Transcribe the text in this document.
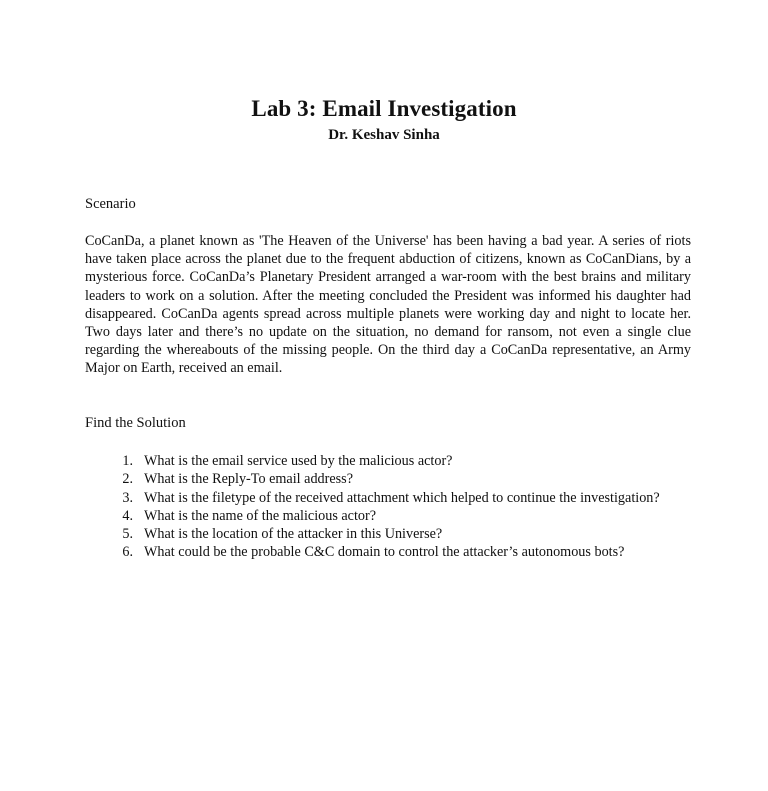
Lab 3: Email Investigation
Dr. Keshav Sinha
Scenario

CoCanDa, a planet known as 'The Heaven of the Universe' has been having a bad year. A series of riots have taken place across the planet due to the frequent abduction of citizens, known as CoCanDians, by a mysterious force. CoCanDa’s Planetary President arranged a war-room with the best brains and military leaders to work on a solution. After the meeting concluded the President was informed his daughter had disappeared. CoCanDa agents spread across multiple planets were working day and night to locate her. Two days later and there’s no update on the situation, no demand for ransom, not even a single clue regarding the whereabouts of the missing people. On the third day a CoCanDa representative, an Army Major on Earth, received an email.

Find the Solution
1. What is the email service used by the malicious actor?
2. What is the Reply-To email address?
3. What is the filetype of the received attachment which helped to continue the investigation?
4. What is the name of the malicious actor?
5. What is the location of the attacker in this Universe?
6. What could be the probable C&C domain to control the attacker’s autonomous bots?
